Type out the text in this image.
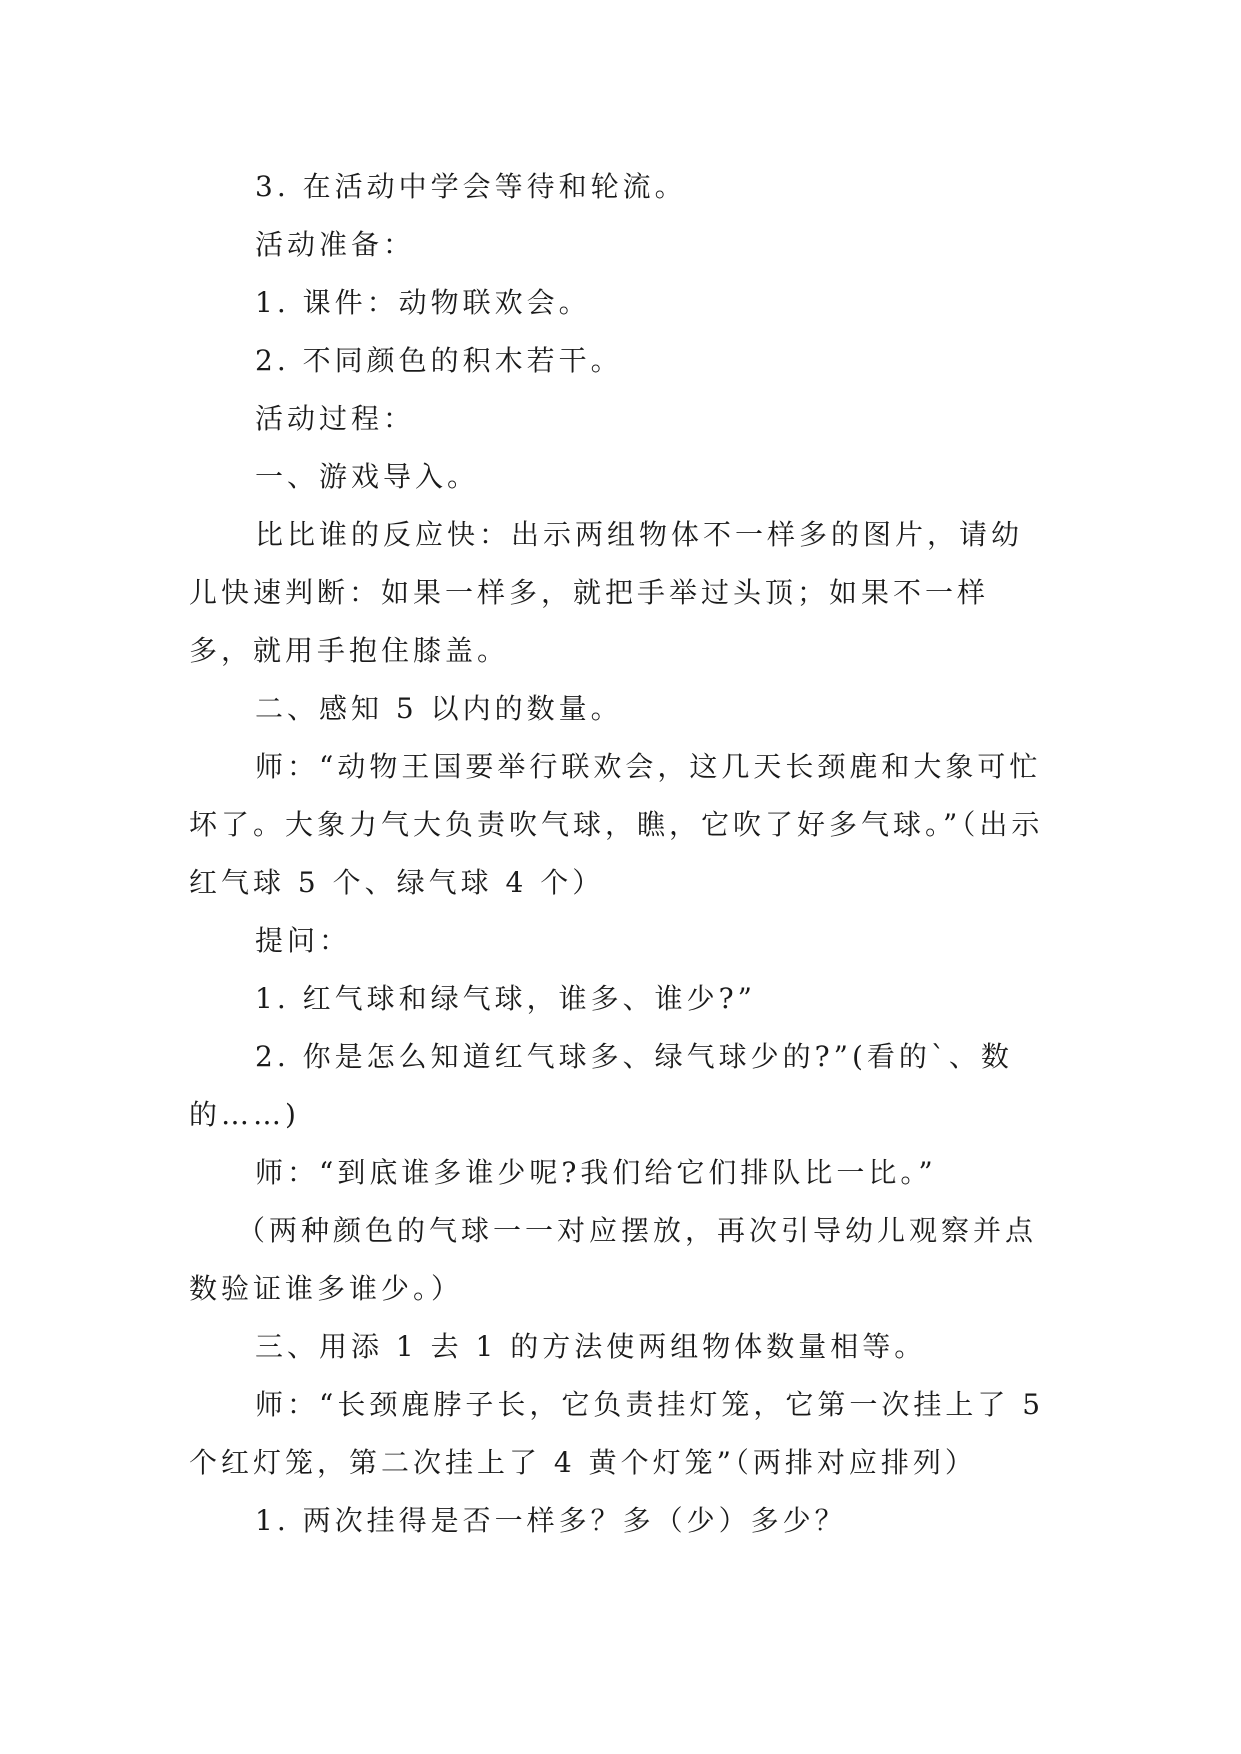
3. 在活动中学会等待和轮流。

活动准备：

1. 课件：动物联欢会。

2. 不同颜色的积木若干。

活动过程：

一、游戏导入。

比比谁的反应快：出示两组物体不一样多的图片，请幼儿快速判断：如果一样多，就把手举过头顶；如果不一样多，就用手抱住膝盖。

二、感知 5 以内的数量。

师：“动物王国要举行联欢会，这几天长颈鹿和大象可忙坏了。大象力气大负责吹气球，瞧，它吹了好多气球。”（出示红气球 5 个、绿气球 4 个）

提问：

1. 红气球和绿气球，谁多、谁少?”

2. 你是怎么知道红气球多、绿气球少的?”(看的`、数的……)

师：“到底谁多谁少呢?我们给它们排队比一比。”

（两种颜色的气球一一对应摆放，再次引导幼儿观察并点数验证谁多谁少。）

三、用添 1 去 1 的方法使两组物体数量相等。

师：“长颈鹿脖子长，它负责挂灯笼，它第一次挂上了 5 个红灯笼，第二次挂上了 4 黄个灯笼”（两排对应排列）

1. 两次挂得是否一样多？多（少）多少？
